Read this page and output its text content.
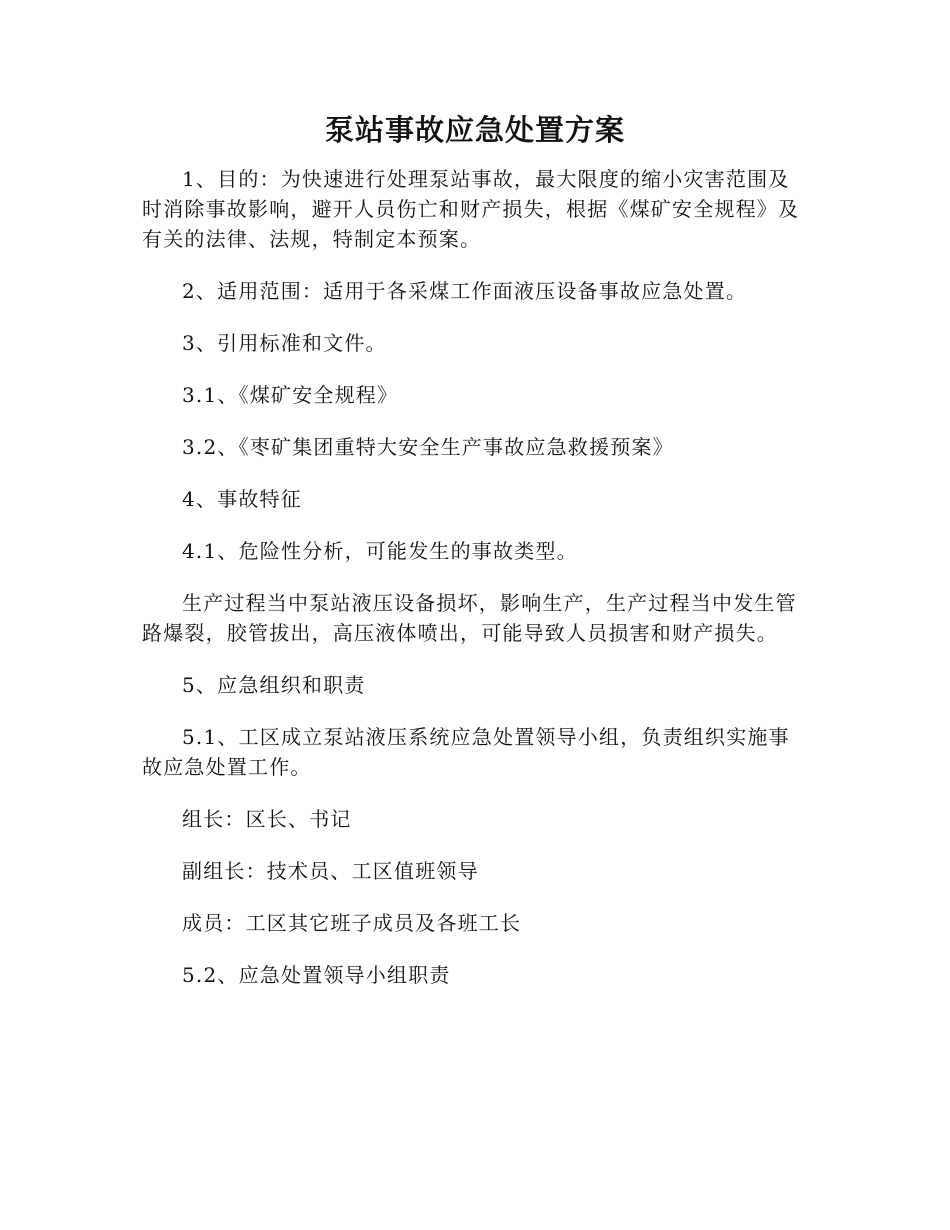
泵站事故应急处置方案

1、目的：为快速进行处理泵站事故，最大限度的缩小灾害范围及时消除事故影响，避开人员伤亡和财产损失，根据《煤矿安全规程》及有关的法律、法规，特制定本预案。

2、适用范围：适用于各采煤工作面液压设备事故应急处置。

3、引用标准和文件。

3.1、《煤矿安全规程》

3.2、《枣矿集团重特大安全生产事故应急救援预案》

4、事故特征

4.1、危险性分析，可能发生的事故类型。

生产过程当中泵站液压设备损坏，影响生产，生产过程当中发生管路爆裂，胶管拔出，高压液体喷出，可能导致人员损害和财产损失。

5、应急组织和职责

5.1、工区成立泵站液压系统应急处置领导小组，负责组织实施事故应急处置工作。

组长：区长、书记

副组长：技术员、工区值班领导

成员：工区其它班子成员及各班工长

5.2、应急处置领导小组职责
